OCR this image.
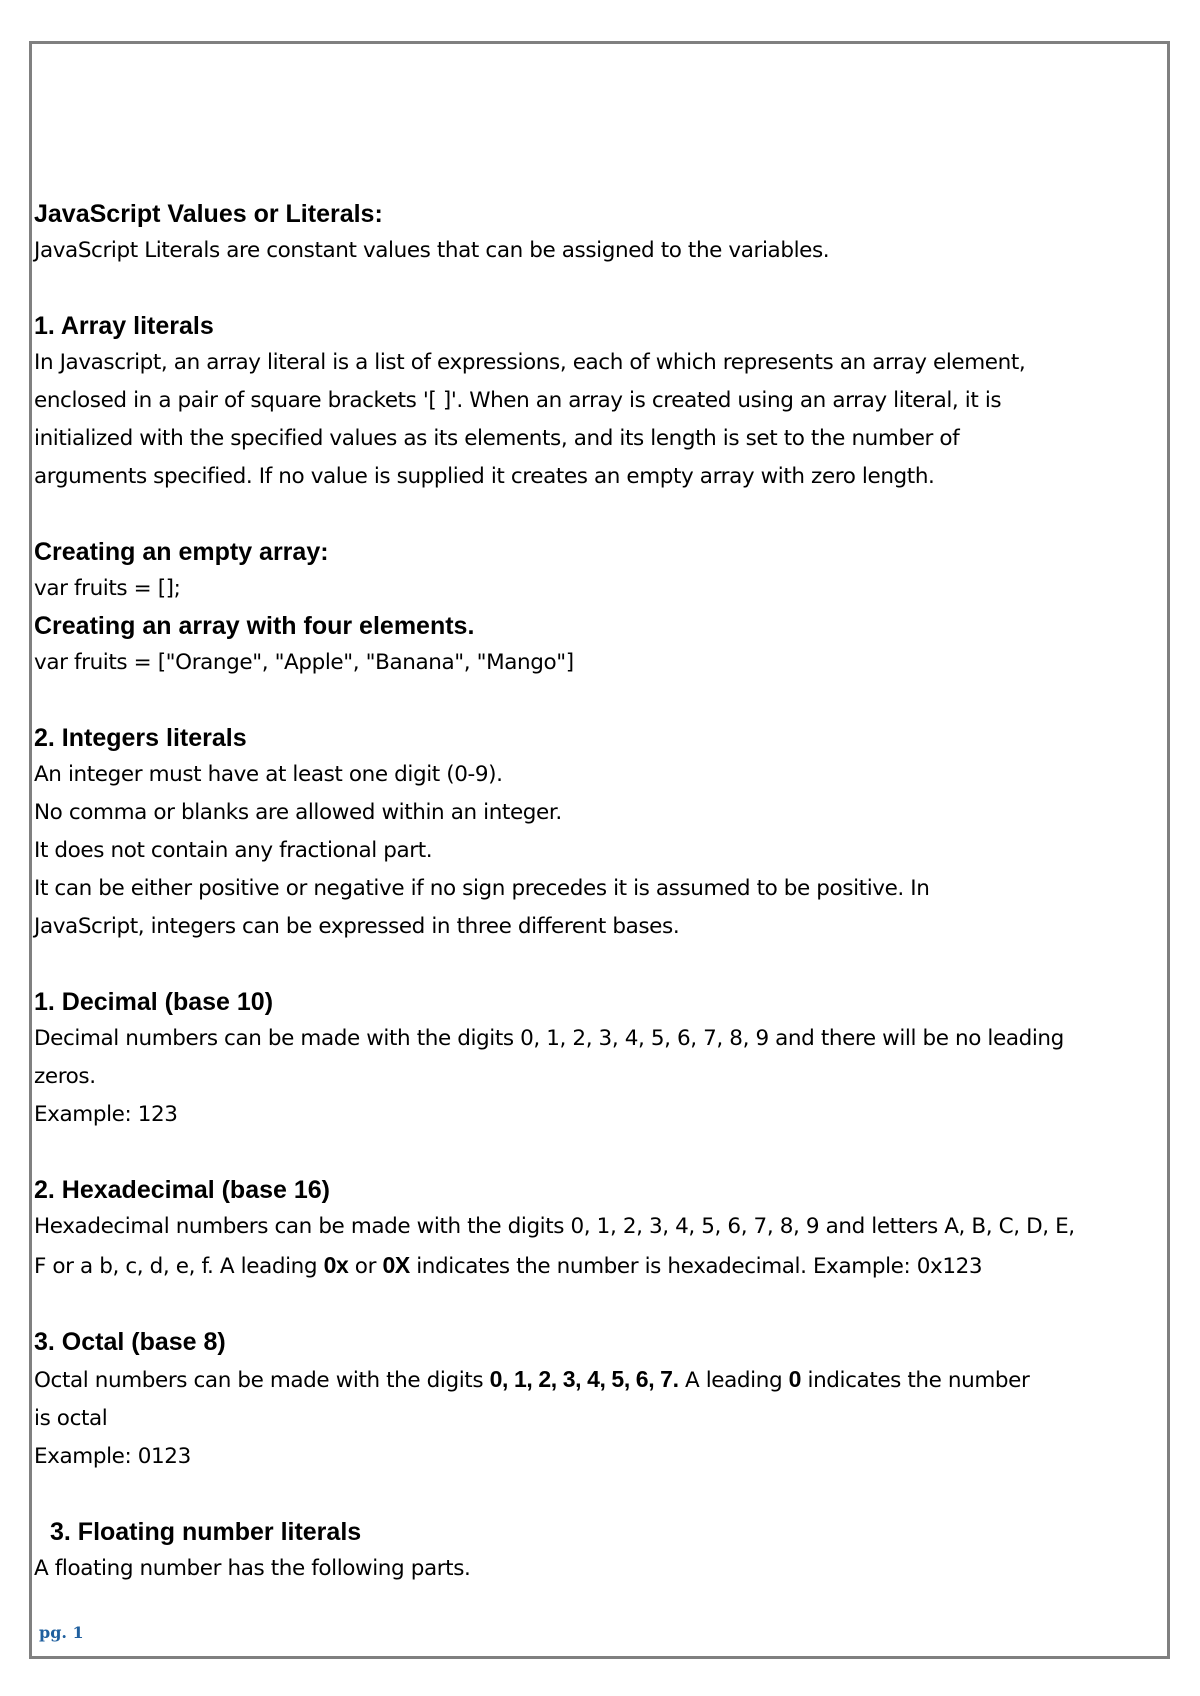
JavaScript Values or Literals:
JavaScript Literals are constant values that can be assigned to the variables.
1. Array literals
In Javascript, an array literal is a list of expressions, each of which represents an array element,
enclosed in a pair of square brackets '[ ]'. When an array is created using an array literal, it is
initialized with the specified values as its elements, and its length is set to the number of
arguments specified. If no value is supplied it creates an empty array with zero length.
Creating an empty array:
var fruits = [];
Creating an array with four elements.
var fruits = ["Orange", "Apple", "Banana", "Mango"]
2. Integers literals
An integer must have at least one digit (0-9).
No comma or blanks are allowed within an integer.
It does not contain any fractional part.
It can be either positive or negative if no sign precedes it is assumed to be positive. In
JavaScript, integers can be expressed in three different bases.
1. Decimal (base 10)
Decimal numbers can be made with the digits 0, 1, 2, 3, 4, 5, 6, 7, 8, 9 and there will be no leading
zeros.
Example: 123
2. Hexadecimal (base 16)
Hexadecimal numbers can be made with the digits 0, 1, 2, 3, 4, 5, 6, 7, 8, 9 and letters A, B, C, D, E,
F or a b, c, d, e, f. A leading 0x or 0X indicates the number is hexadecimal. Example: 0x123
3. Octal (base 8)
Octal numbers can be made with the digits 0, 1, 2, 3, 4, 5, 6, 7. A leading 0 indicates the number
is octal
Example: 0123
3. Floating number literals
A floating number has the following parts.
pg. 1
